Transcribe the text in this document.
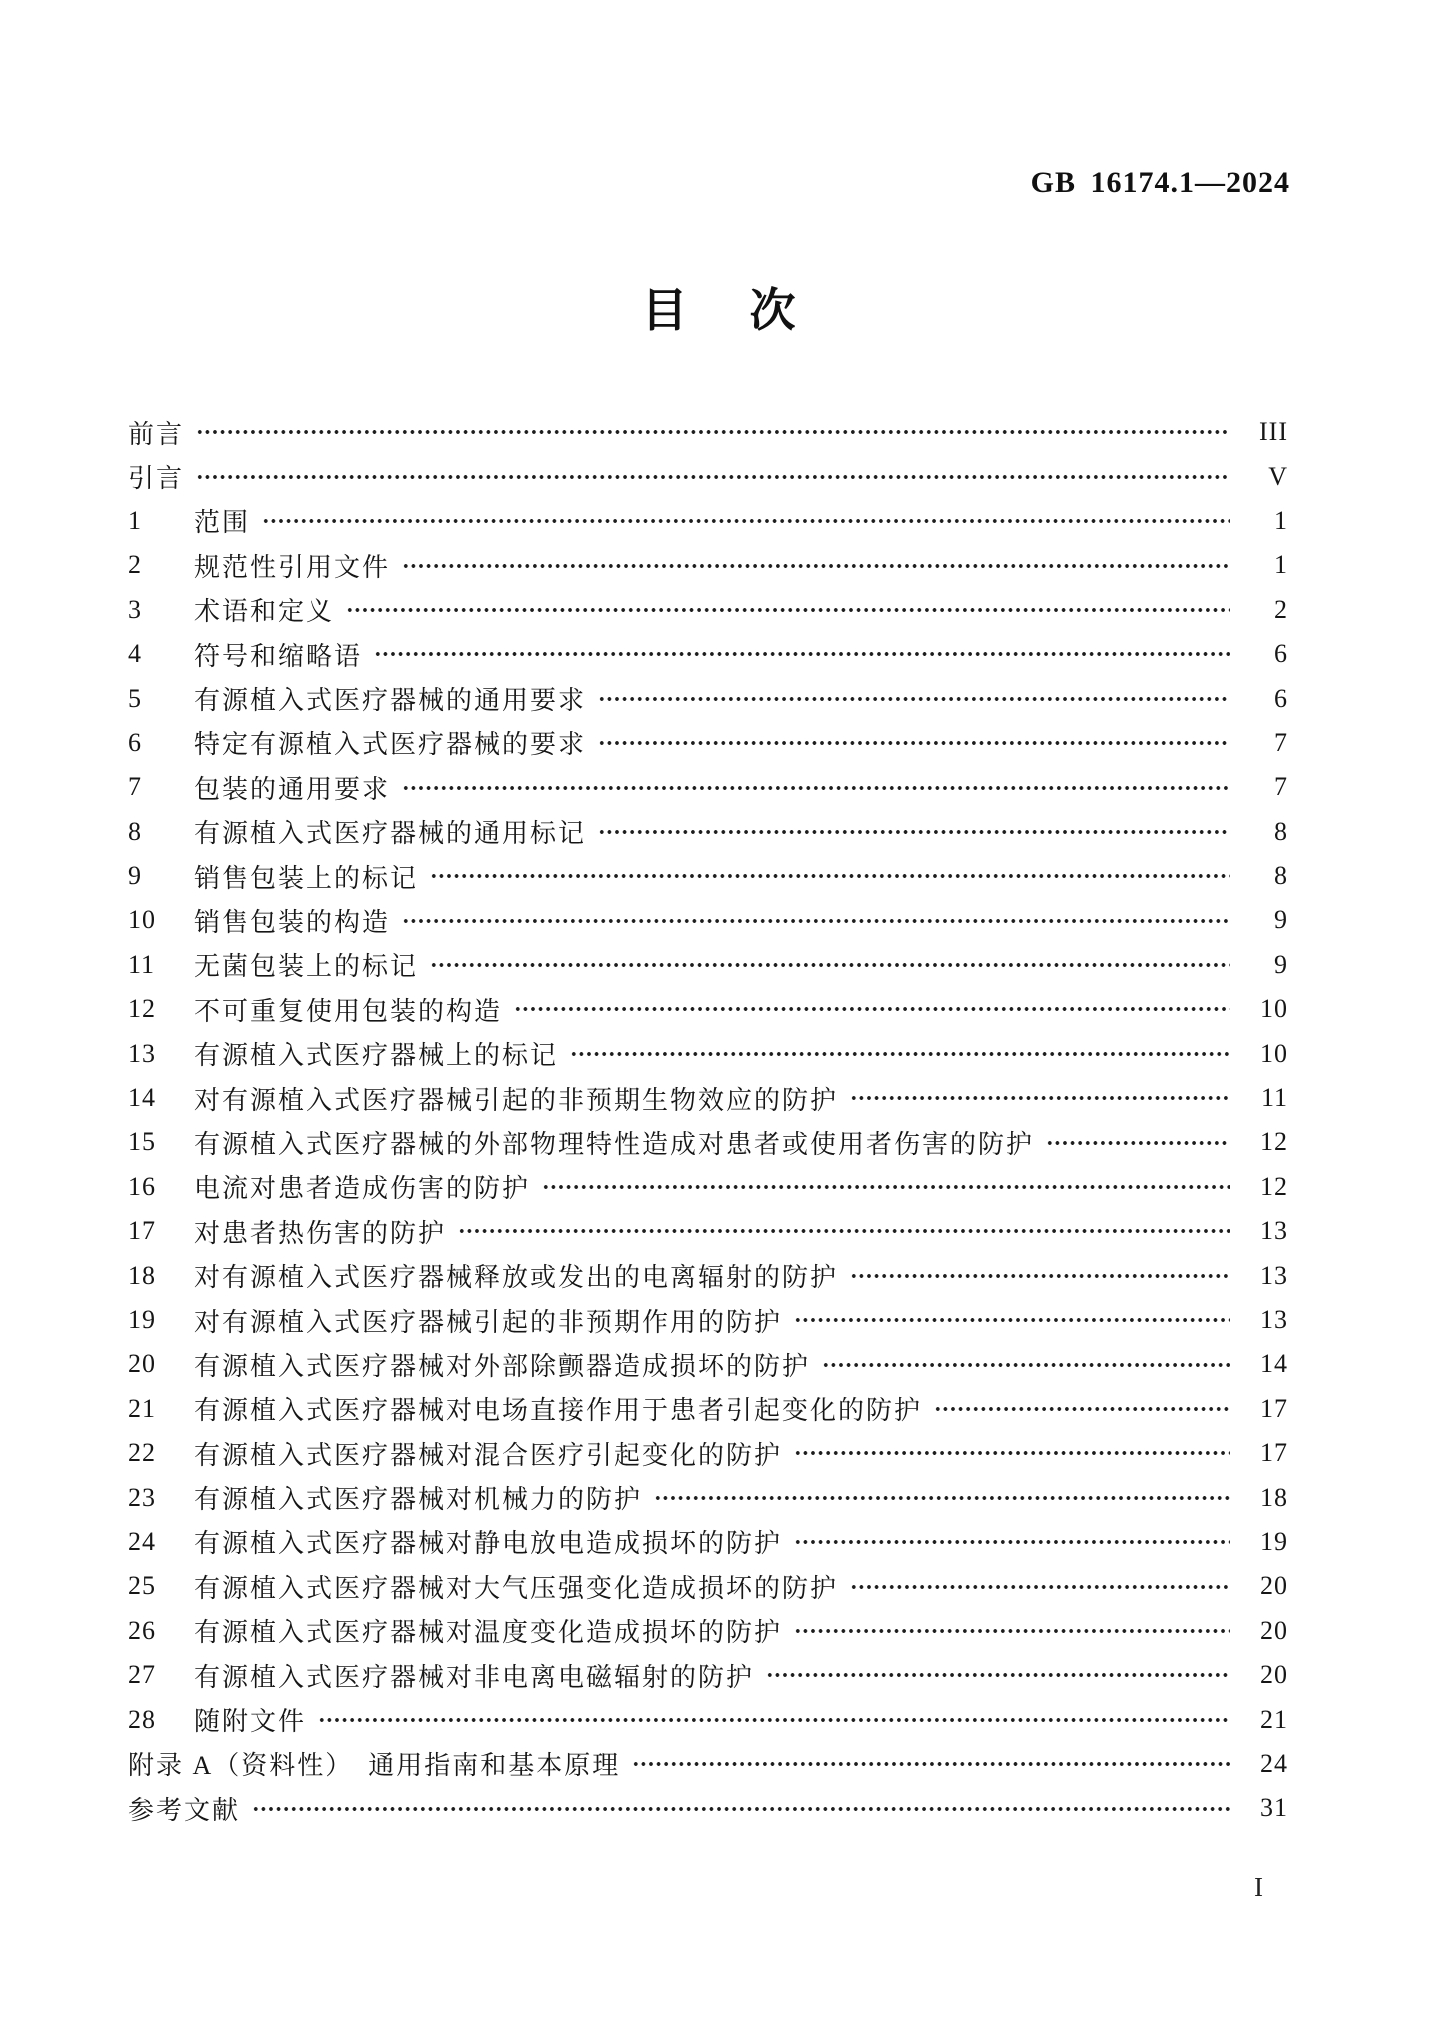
GB 16174.1—2024
目　次
前言	III
引言	V
1	范围	1
2	规范性引用文件	1
3	术语和定义	2
4	符号和缩略语	6
5	有源植入式医疗器械的通用要求	6
6	特定有源植入式医疗器械的要求	7
7	包装的通用要求	7
8	有源植入式医疗器械的通用标记	8
9	销售包装上的标记	8
10	销售包装的构造	9
11	无菌包装上的标记	9
12	不可重复使用包装的构造	10
13	有源植入式医疗器械上的标记	10
14	对有源植入式医疗器械引起的非预期生物效应的防护	11
15	有源植入式医疗器械的外部物理特性造成对患者或使用者伤害的防护	12
16	电流对患者造成伤害的防护	12
17	对患者热伤害的防护	13
18	对有源植入式医疗器械释放或发出的电离辐射的防护	13
19	对有源植入式医疗器械引起的非预期作用的防护	13
20	有源植入式医疗器械对外部除颤器造成损坏的防护	14
21	有源植入式医疗器械对电场直接作用于患者引起变化的防护	17
22	有源植入式医疗器械对混合医疗引起变化的防护	17
23	有源植入式医疗器械对机械力的防护	18
24	有源植入式医疗器械对静电放电造成损坏的防护	19
25	有源植入式医疗器械对大气压强变化造成损坏的防护	20
26	有源植入式医疗器械对温度变化造成损坏的防护	20
27	有源植入式医疗器械对非电离电磁辐射的防护	20
28	随附文件	21
附录 A（资料性）　通用指南和基本原理	24
参考文献	31
I
